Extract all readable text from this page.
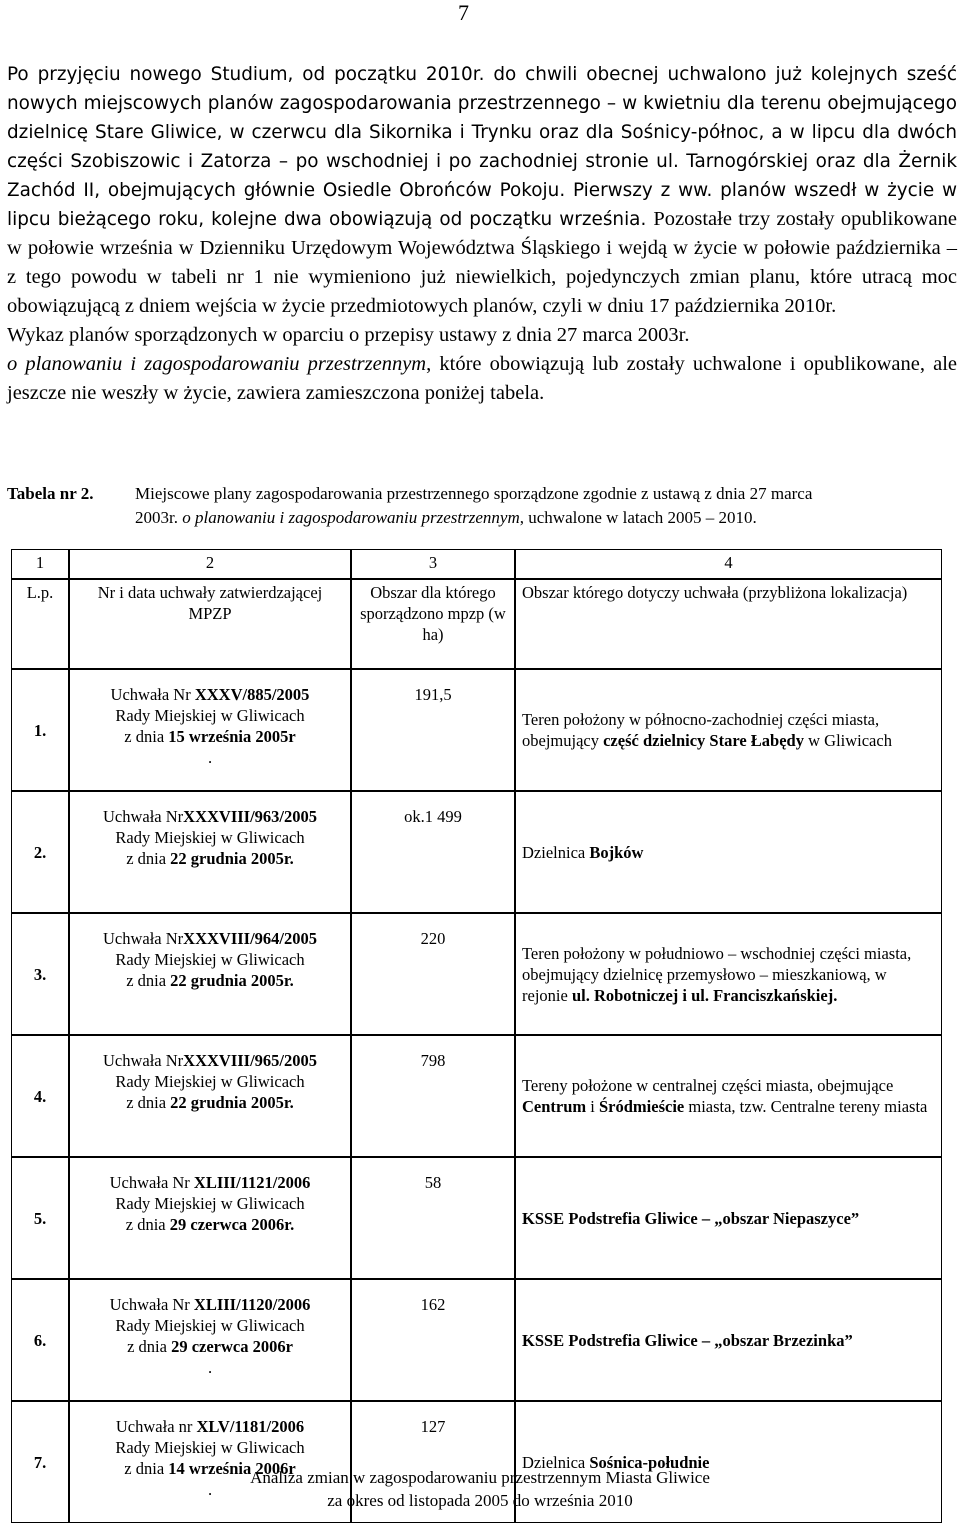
7

Po przyjęciu nowego Studium, od początku 2010r. do chwili obecnej uchwalono już kolejnych sześć nowych miejscowych planów zagospodarowania przestrzennego – w kwietniu dla terenu obejmującego dzielnicę Stare Gliwice, w czerwcu dla Sikornika i Trynku oraz dla Sośnicy-północ, a w lipcu dla dwóch części Szobiszowic i Zatorza – po wschodniej i po zachodniej stronie ul. Tarnogórskiej oraz dla Żernik Zachód II, obejmujących głównie Osiedle Obrońców Pokoju. Pierwszy z ww. planów wszedł w życie w lipcu bieżącego roku, kolejne dwa obowiązują od początku września. Pozostałe trzy zostały opublikowane w połowie września w Dzienniku Urzędowym Województwa Śląskiego i wejdą w życie w połowie października – z tego powodu w tabeli nr 1 nie wymieniono już niewielkich, pojedynczych zmian planu, które utracą moc obowiązującą z dniem wejścia w życie przedmiotowych planów, czyli w dniu 17 października 2010r.

Wykaz planów sporządzonych w oparciu o przepisy ustawy z dnia 27 marca 2003r.

o planowaniu i zagospodarowaniu przestrzennym, które obowiązują lub zostały uchwalone i opublikowane, ale jeszcze nie weszły w życie, zawiera zamieszczona poniżej tabela.

Tabela nr 2. Miejscowe plany zagospodarowania przestrzennego sporządzone zgodnie z ustawą z dnia 27 marca
2003r. o planowaniu i zagospodarowaniu przestrzennym, uchwalone w latach 2005 – 2010.
1	2	3	4
L.p.	Nr i data uchwały zatwierdzającej MPZP	Obszar dla którego sporządzono mpzp (w ha)	Obszar którego dotyczy uchwała (przybliżona lokalizacja)
1.	Uchwała Nr XXXV/885/2005
Rady Miejskiej w Gliwicach
z dnia 15 września 2005r
.	191,5	Teren położony w północno-zachodniej części miasta, obejmujący część dzielnicy Stare Łabędy w Gliwicach
2.	Uchwała NrXXXVIII/963/2005
Rady Miejskiej w Gliwicach
z dnia 22 grudnia 2005r.	ok.1 499	Dzielnica Bojków
3.	Uchwała NrXXXVIII/964/2005
Rady Miejskiej w Gliwicach
z dnia 22 grudnia 2005r.	220	Teren położony w południowo – wschodniej części miasta, obejmujący dzielnicę przemysłowo – mieszkaniową, w rejonie ul. Robotniczej i ul. Franciszkańskiej.
4.	Uchwała NrXXXVIII/965/2005
Rady Miejskiej w Gliwicach
z dnia 22 grudnia 2005r.	798	Tereny położone w centralnej części miasta, obejmujące Centrum i Śródmieście miasta, tzw. Centralne tereny miasta
5.	Uchwała Nr XLIII/1121/2006
Rady Miejskiej w Gliwicach
z dnia 29 czerwca 2006r.	58	KSSE Podstrefia Gliwice – „obszar Niepaszyce”
6.	Uchwała Nr XLIII/1120/2006
Rady Miejskiej w Gliwicach
z dnia 29 czerwca 2006r
.	162	KSSE Podstrefia Gliwice – „obszar Brzezinka”
7.	Uchwała nr XLV/1181/2006
Rady Miejskiej w Gliwicach
z dnia 14 września 2006r
.	127	Dzielnica Sośnica-południe
Analiza zmian w zagospodarowaniu przestrzennym Miasta Gliwice
za okres od listopada 2005 do września 2010
